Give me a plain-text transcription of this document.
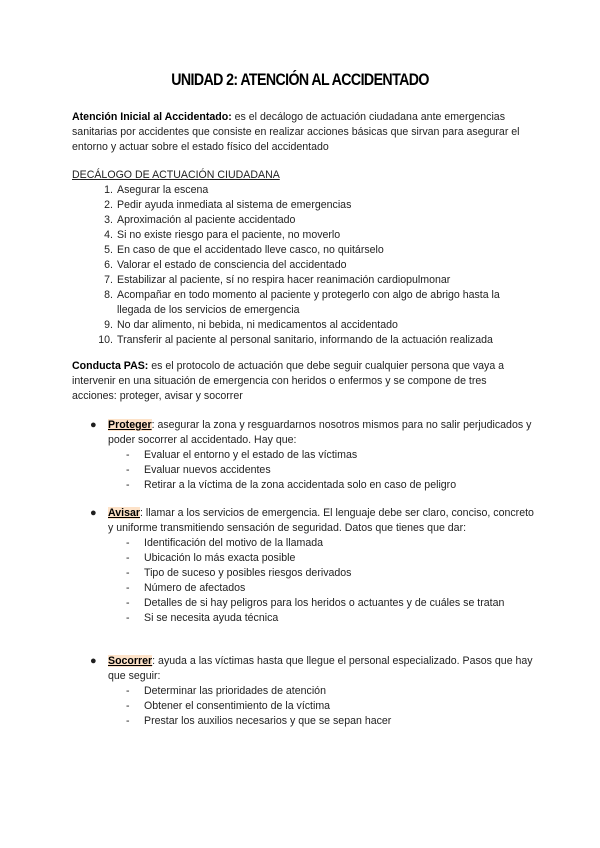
UNIDAD 2: ATENCIÓN AL ACCIDENTADO
Atención Inicial al Accidentado: es el decálogo de actuación ciudadana ante emergencias sanitarias por accidentes que consiste en realizar acciones básicas que sirvan para asegurar el entorno y actuar sobre el estado físico del accidentado
DECÁLOGO DE ACTUACIÓN CIUDADANA
1. Asegurar la escena
2. Pedir ayuda inmediata al sistema de emergencias
3. Aproximación al paciente accidentado
4. Si no existe riesgo para el paciente, no moverlo
5. En caso de que el accidentado lleve casco, no quitárselo
6. Valorar el estado de consciencia del accidentado
7. Estabilizar al paciente, sí no respira hacer reanimación cardiopulmonar
8. Acompañar en todo momento al paciente y protegerlo con algo de abrigo hasta la llegada de los servicios de emergencia
9. No dar alimento, ni bebida, ni medicamentos al accidentado
10. Transferir al paciente al personal sanitario, informando de la actuación realizada
Conducta PAS: es el protocolo de actuación que debe seguir cualquier persona que vaya a intervenir en una situación de emergencia con heridos o enfermos y se compone de tres acciones: proteger, avisar y socorrer
● Proteger: asegurar la zona y resguardarnos nosotros mismos para no salir perjudicados y poder socorrer al accidentado. Hay que:
- Evaluar el entorno y el estado de las víctimas
- Evaluar nuevos accidentes
- Retirar a la víctima de la zona accidentada solo en caso de peligro
● Avisar: llamar a los servicios de emergencia. El lenguaje debe ser claro, conciso, concreto y uniforme transmitiendo sensación de seguridad. Datos que tienes que dar:
- Identificación del motivo de la llamada
- Ubicación lo más exacta posible
- Tipo de suceso y posibles riesgos derivados
- Número de afectados
- Detalles de si hay peligros para los heridos o actuantes y de cuáles se tratan
- Si se necesita ayuda técnica
● Socorrer: ayuda a las víctimas hasta que llegue el personal especializado. Pasos que hay que seguir:
- Determinar las prioridades de atención
- Obtener el consentimiento de la víctima
- Prestar los auxilios necesarios y que se sepan hacer
